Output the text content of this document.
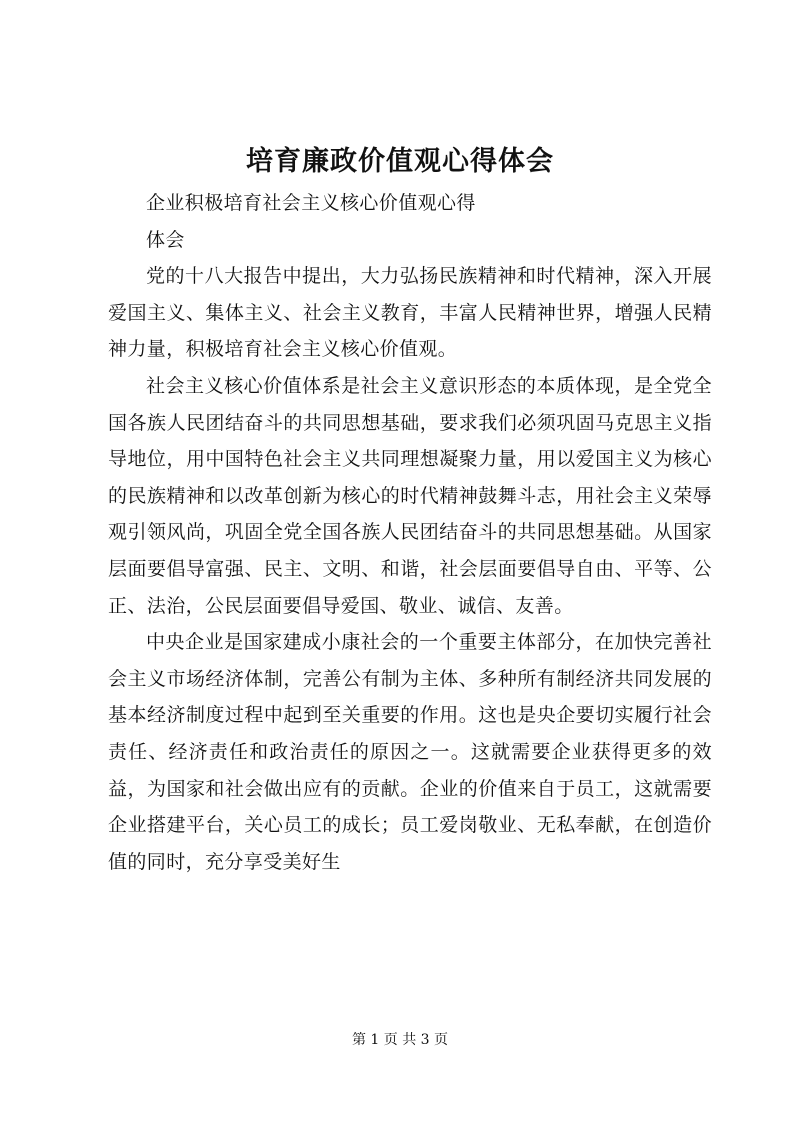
培育廉政价值观心得体会

企业积极培育社会主义核心价值观心得

体会

党的十八大报告中提出，大力弘扬民族精神和时代精神，深入开展爱国主义、集体主义、社会主义教育，丰富人民精神世界，增强人民精神力量，积极培育社会主义核心价值观。

社会主义核心价值体系是社会主义意识形态的本质体现，是全党全国各族人民团结奋斗的共同思想基础，要求我们必须巩固马克思主义指导地位，用中国特色社会主义共同理想凝聚力量，用以爱国主义为核心的民族精神和以改革创新为核心的时代精神鼓舞斗志，用社会主义荣辱观引领风尚，巩固全党全国各族人民团结奋斗的共同思想基础。从国家层面要倡导富强、民主、文明、和谐，社会层面要倡导自由、平等、公正、法治，公民层面要倡导爱国、敬业、诚信、友善。

中央企业是国家建成小康社会的一个重要主体部分，在加快完善社会主义市场经济体制，完善公有制为主体、多种所有制经济共同发展的基本经济制度过程中起到至关重要的作用。这也是央企要切实履行社会责任、经济责任和政治责任的原因之一。这就需要企业获得更多的效益，为国家和社会做出应有的贡献。企业的价值来自于员工，这就需要企业搭建平台，关心员工的成长；员工爱岗敬业、无私奉献，在创造价值的同时，充分享受美好生

第 1 页 共 3 页
